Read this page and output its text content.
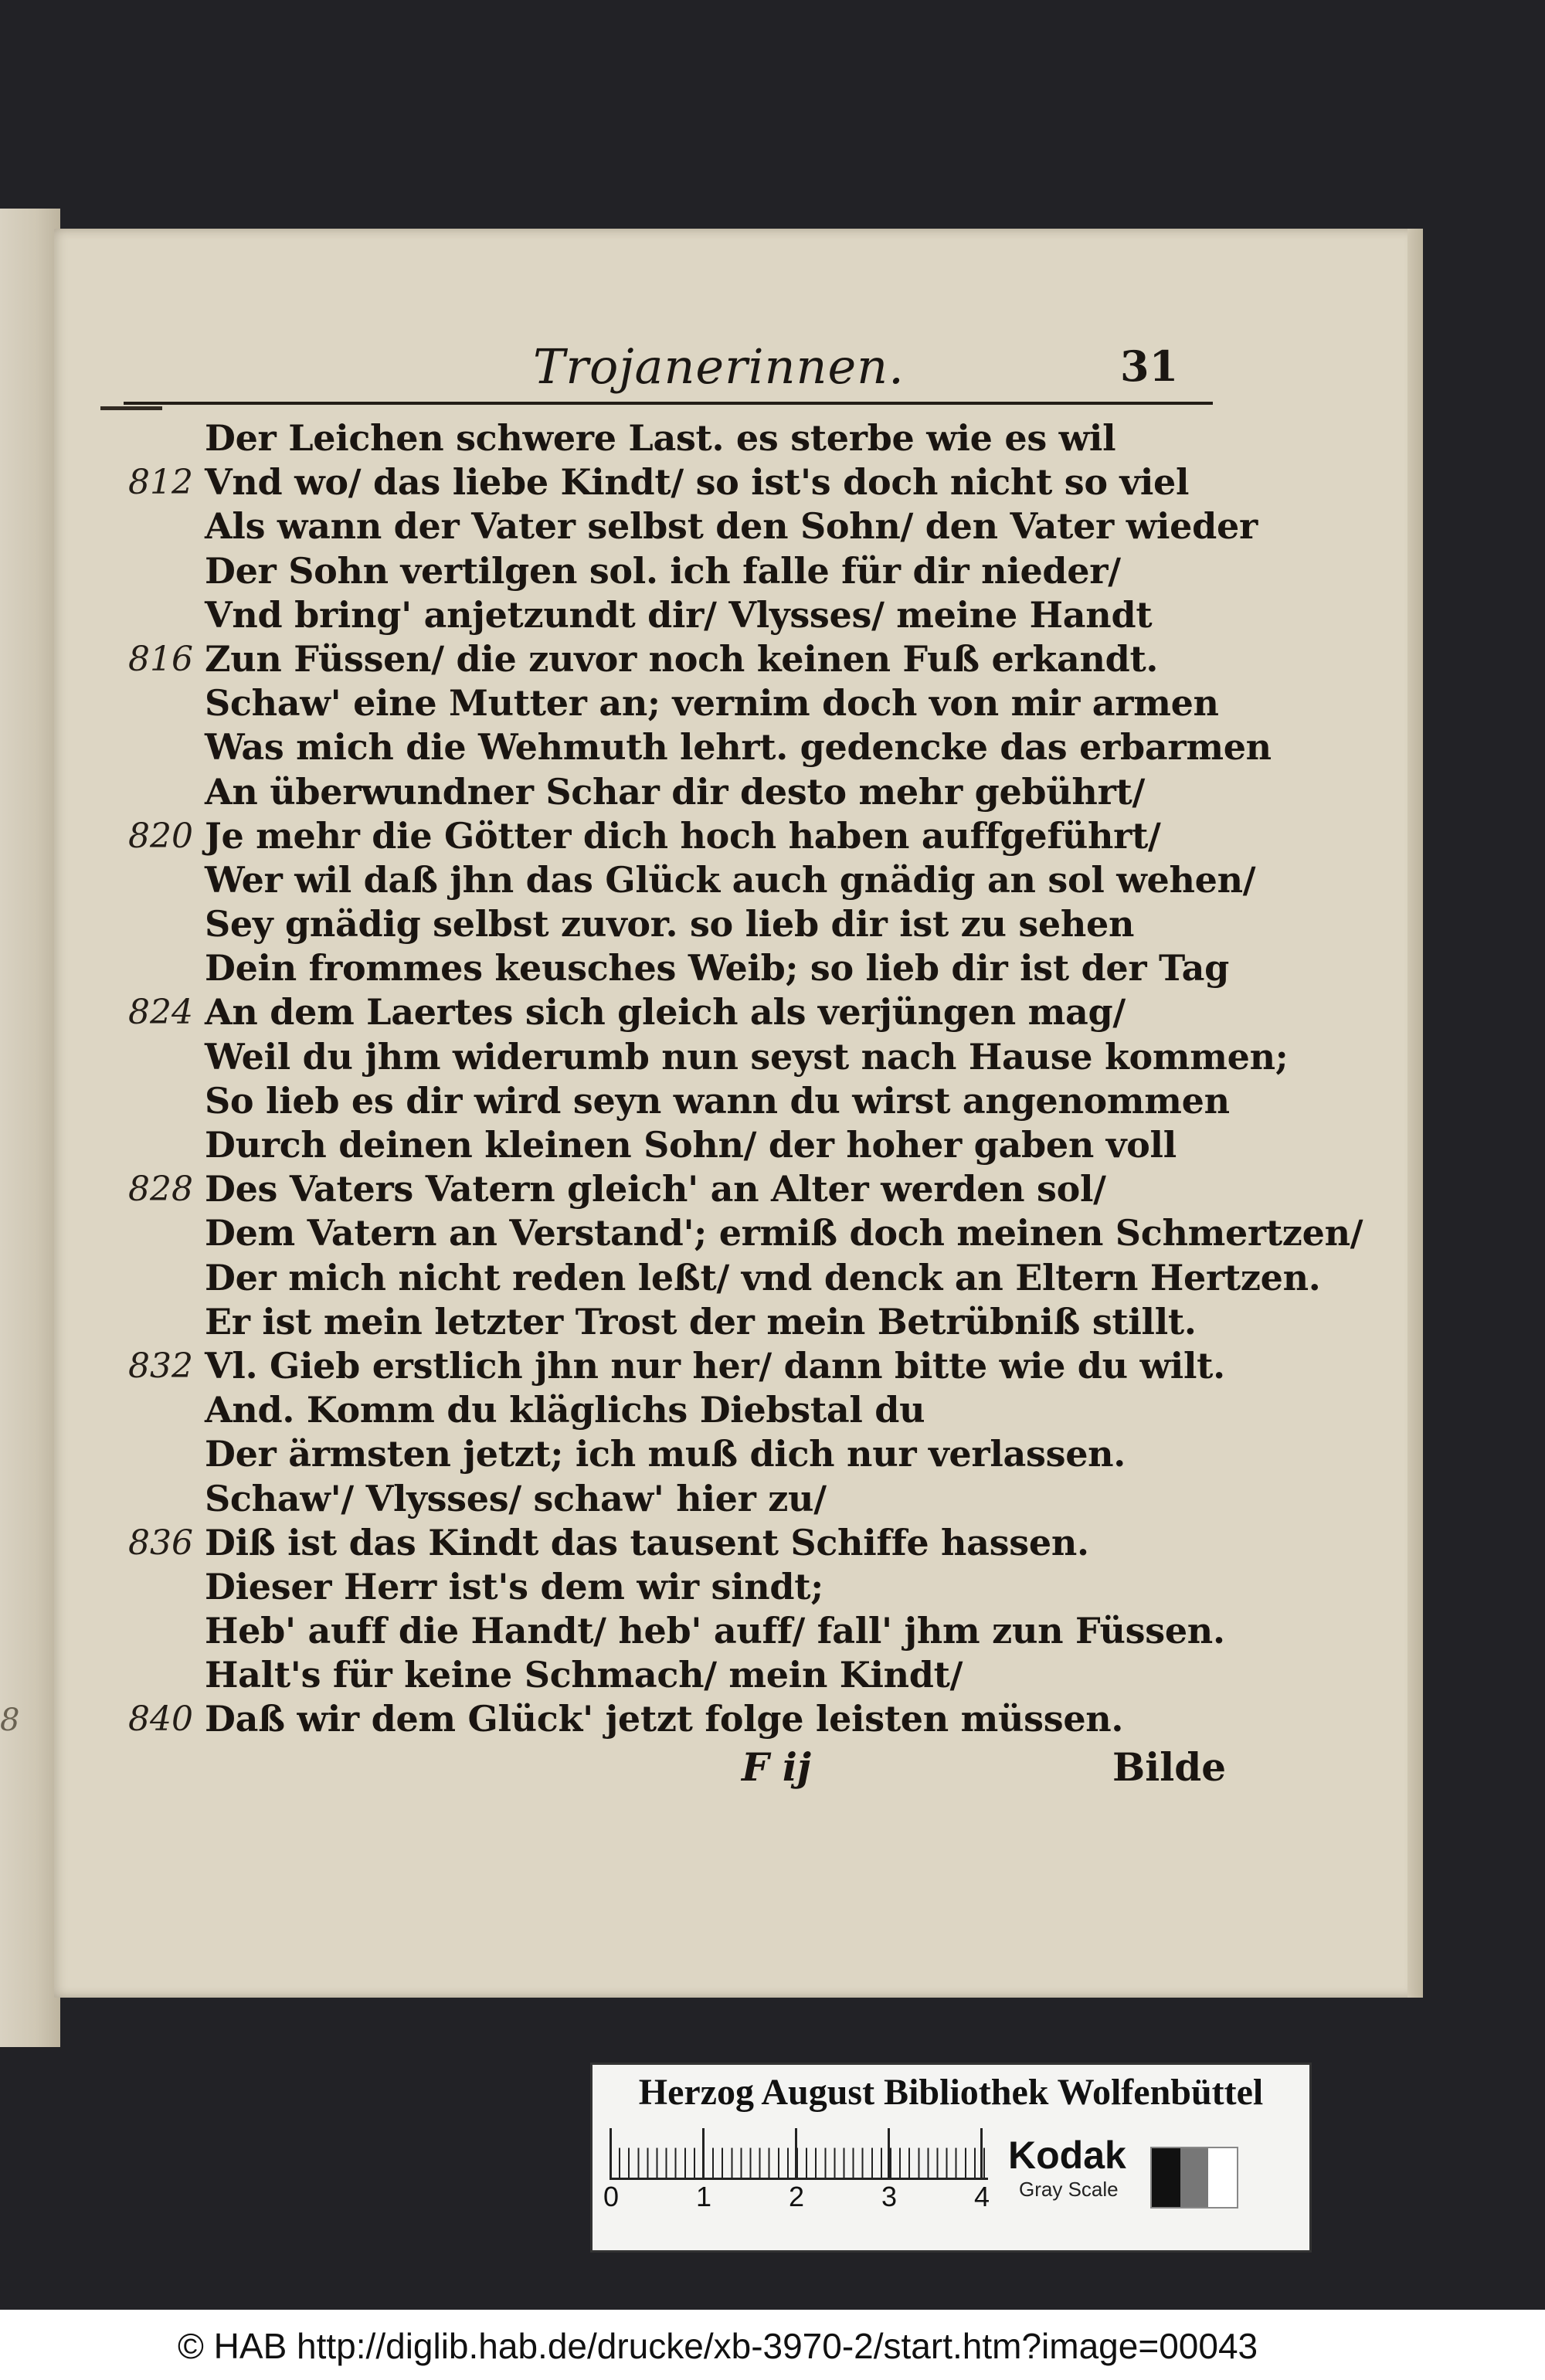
8
Trojanerinnen.	31
Der Leichen schwere Last. es sterbe wie es wil
812 Vnd wo/ das liebe Kindt/ so ist's doch nicht so viel
Als wann der Vater selbst den Sohn/ den Vater wieder
Der Sohn vertilgen sol. ich falle für dir nieder/
Vnd bring' anjetzundt dir/ Vlysses/ meine Handt
816 Zun Füssen/ die zuvor noch keinen Fuß erkandt.
Schaw' eine Mutter an; vernim doch von mir armen
Was mich die Wehmuth lehrt. gedencke das erbarmen
An überwundner Schar dir desto mehr gebührt/
820 Je mehr die Götter dich hoch haben auffgeführt/
Wer wil daß jhn das Glück auch gnädig an sol wehen/
Sey gnädig selbst zuvor. so lieb dir ist zu sehen
Dein frommes keusches Weib; so lieb dir ist der Tag
824 An dem Laertes sich gleich als verjüngen mag/
Weil du jhm widerumb nun seyst nach Hause kommen;
So lieb es dir wird seyn wann du wirst angenommen
Durch deinen kleinen Sohn/ der hoher gaben voll
828 Des Vaters Vatern gleich' an Alter werden sol/
Dem Vatern an Verstand'; ermiß doch meinen Schmertzen/
Der mich nicht reden leßt/ vnd denck an Eltern Hertzen.
Er ist mein letzter Trost der mein Betrübniß stillt.
832 Vl. Gieb erstlich jhn nur her/ dann bitte wie du wilt.
And. Komm du kläglichs Diebstal du
Der ärmsten jetzt; ich muß dich nur verlassen.
Schaw'/ Vlysses/ schaw' hier zu/
836 Diß ist das Kindt das tausent Schiffe hassen.
Dieser Herr ist's dem wir sindt;
Heb' auff die Handt/ heb' auff/ fall' jhm zun Füssen.
Halt's für keine Schmach/ mein Kindt/
840 Daß wir dem Glück' jetzt folge leisten müssen.
F ij	Bilde
Herzog August Bibliothek Wolfenbüttel
0	1	2	3	4
Kodak
Gray Scale
© HAB http://diglib.hab.de/drucke/xb-3970-2/start.htm?image=00043
